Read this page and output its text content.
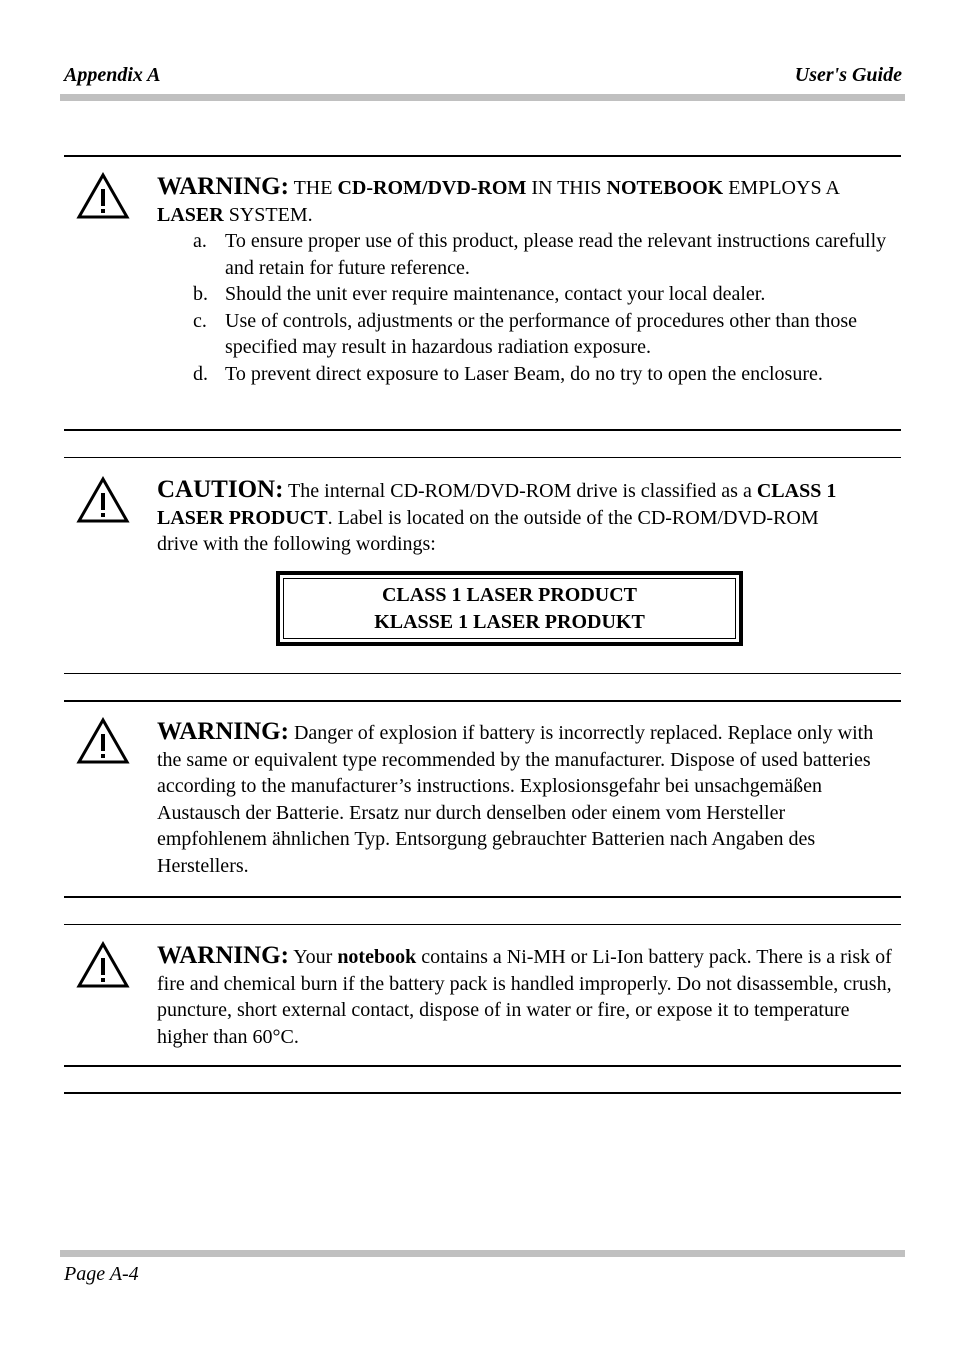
Appendix A	User's Guide

WARNING: THE CD-ROM/DVD-ROM IN THIS NOTEBOOK EMPLOYS A LASER SYSTEM.

a. To ensure proper use of this product, please read the relevant instructions carefully and retain for future reference.
b. Should the unit ever require maintenance, contact your local dealer.
c. Use of controls, adjustments or the performance of procedures other than those specified may result in hazardous radiation exposure.
d. To prevent direct exposure to Laser Beam, do no try to open the enclosure.

CAUTION: The internal CD-ROM/DVD-ROM drive is classified as a CLASS 1 LASER PRODUCT. Label is located on the outside of the CD-ROM/DVD-ROM drive with the following wordings:

CLASS 1 LASER PRODUCT
KLASSE 1 LASER PRODUKT

WARNING: Danger of explosion if battery is incorrectly replaced. Replace only with the same or equivalent type recommended by the manufacturer. Dispose of used batteries according to the manufacturer’s instructions. Explosionsgefahr bei unsachgemäßen Austausch der Batterie. Ersatz nur durch denselben oder einem vom Hersteller empfohlenem ähnlichen Typ. Entsorgung gebrauchter Batterien nach Angaben des Herstellers.

WARNING: Your notebook contains a Ni-MH or Li-Ion battery pack. There is a risk of fire and chemical burn if the battery pack is handled improperly. Do not disassemble, crush, puncture, short external contact, dispose of in water or fire, or expose it to temperature higher than 60°C.

Page A-4
